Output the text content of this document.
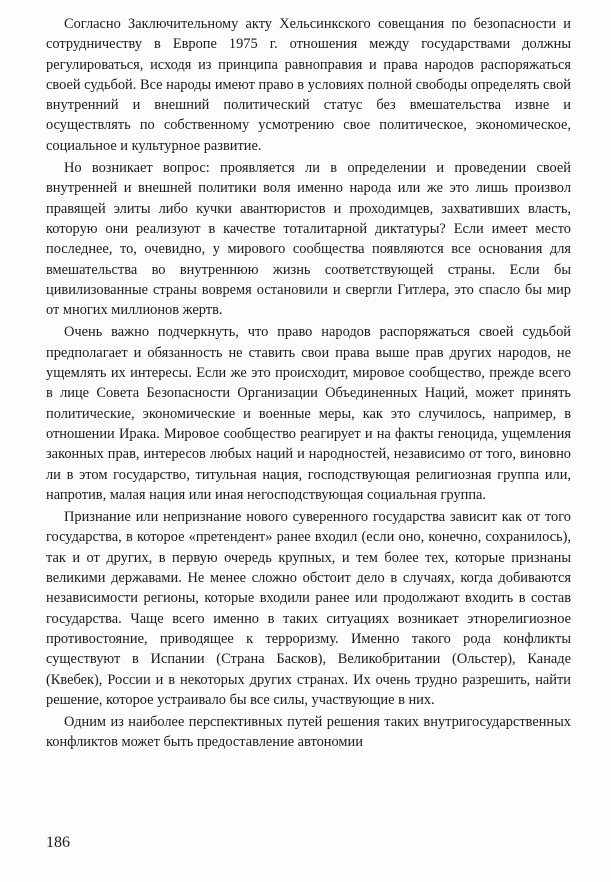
Согласно Заключительному акту Хельсинкского совещания по безопасности и сотрудничеству в Европе 1975 г. отношения между государствами должны регулироваться, исходя из принципа равноправия и права народов распоряжаться своей судьбой. Все народы имеют право в условиях полной свободы определять свой внутренний и внешний политический статус без вмешательства извне и осуществлять по собственному усмотрению свое политическое, экономическое, социальное и культурное развитие.

Но возникает вопрос: проявляется ли в определении и проведении своей внутренней и внешней политики воля именно народа или же это лишь произвол правящей элиты либо кучки авантюристов и проходимцев, захвативших власть, которую они реализуют в качестве тоталитарной диктатуры? Если имеет место последнее, то, очевидно, у мирового сообщества появляются все основания для вмешательства во внутреннюю жизнь соответствующей страны. Если бы цивилизованные страны вовремя остановили и свергли Гитлера, это спасло бы мир от многих миллионов жертв.

Очень важно подчеркнуть, что право народов распоряжаться своей судьбой предполагает и обязанность не ставить свои права выше прав других народов, не ущемлять их интересы. Если же это происходит, мировое сообщество, прежде всего в лице Совета Безопасности Организации Объединенных Наций, может принять политические, экономические и военные меры, как это случилось, например, в отношении Ирака. Мировое сообщество реагирует и на факты геноцида, ущемления законных прав, интересов любых наций и народностей, независимо от того, виновно ли в этом государство, титульная нация, господствующая религиозная группа или, напротив, малая нация или иная негосподствующая социальная группа.

Признание или непризнание нового суверенного государства зависит как от того государства, в которое «претендент» ранее входил (если оно, конечно, сохранилось), так и от других, в первую очередь крупных, и тем более тех, которые признаны великими державами. Не менее сложно обстоит дело в случаях, когда добиваются независимости регионы, которые входили ранее или продолжают входить в состав государства. Чаще всего именно в таких ситуациях возникает этнорелигиозное противостояние, приводящее к терроризму. Именно такого рода конфликты существуют в Испании (Страна Басков), Великобритании (Ольстер), Канаде (Квебек), России и в некоторых других странах. Их очень трудно разрешить, найти решение, которое устраивало бы все силы, участвующие в них.

Одним из наиболее перспективных путей решения таких внутригосударственных конфликтов может быть предоставление автономии

186
